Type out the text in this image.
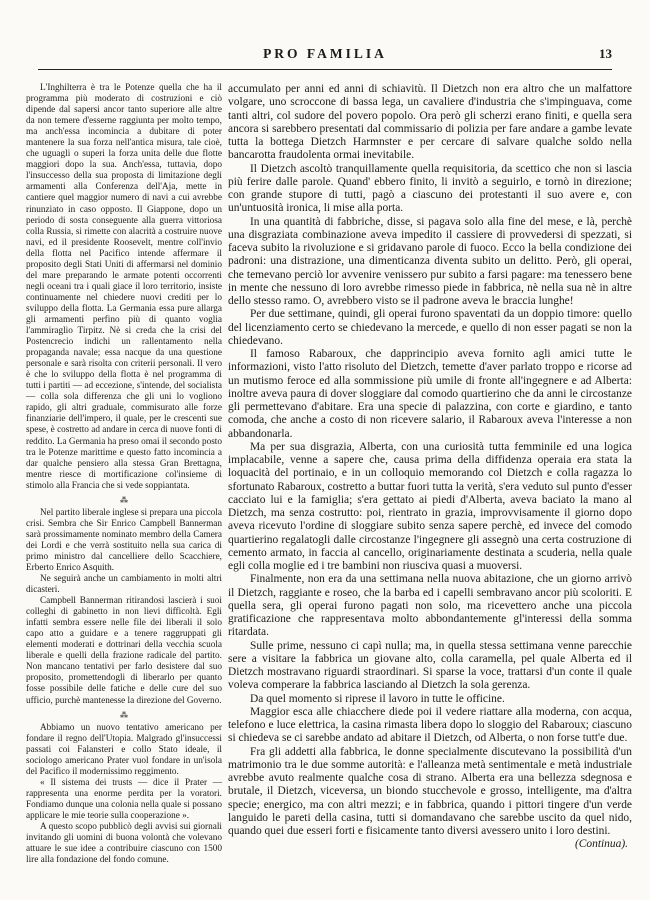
PRO FAMILIA	13

L'Inghilterra è tra le Potenze quella che ha il programma più moderato di costruzioni e ciò dipende dal sapersi ancor tanto superiore alle altre da non temere d'esserne raggiunta per molto tempo, ma anch'essa incomincia a dubitare di poter mantenere la sua forza nell'antica misura, tale cioè, che uguagli o superi la forza unita delle due flotte maggiori dopo la sua. Anch'essa, tuttavia, dopo l'insuccesso della sua proposta di limitazione degli armamenti alla Conferenza dell'Aja, mette in cantiere quel maggior numero di navi a cui avrebbe rinunziato in caso opposto. Il Giappone, dopo un periodo di sosta conseguente alla guerra vittoriosa colla Russia, si rimette con alacrità a costruire nuove navi, ed il presidente Roosevelt, mentre coll'invio della flotta nel Pacifico intende affermare il proposito degli Stati Uniti di affermarsi nel dominio del mare preparando le armate potenti occorrenti negli oceani tra i quali giace il loro territorio, insiste continuamente nel chiedere nuovi crediti per lo sviluppo della flotta. La Germania essa pure allarga gli armamenti perfino più di quanto voglia l'ammiraglio Tirpitz. Nè si creda che la crisi del Postencrecio indichi un rallentamento nella propaganda navale; essa nacque da una questione personale e sarà risolta con criterii personali. Il vero è che lo sviluppo della flotta è nel programma di tutti i partiti — ad eccezione, s'intende, del socialista — colla sola differenza che gli uni lo vogliono rapido, gli altri graduale, commisurato alle forze finanziarie dell'impero, il quale, per le crescenti sue spese, è costretto ad andare in cerca di nuove fonti di reddito. La Germania ha preso omai il secondo posto tra le Potenze marittime e questo fatto incomincia a dar qualche pensiero alla stessa Gran Brettagna, mentre riesce di mortificazione col'insieme di stimolo alla Francia che si vede soppiantata.

⁂

Nel partito liberale inglese si prepara una piccola crisi. Sembra che Sir Enrico Campbell Bannerman sarà prossimamente nominato membro della Camera dei Lordi e che verrà sostituito nella sua carica di primo ministro dal cancelliere dello Scacchiere, Erberto Enrico Asquith.

Ne seguirà anche un cambiamento in molti altri dicasteri.

Campbell Bannerman ritirandosi lascierà i suoi colleghi di gabinetto in non lievi difficoltà. Egli infatti sembra essere nelle file dei liberali il solo capo atto a guidare e a tenere raggruppati gli elementi moderati e dottrinari della vecchia scuola liberale e quelli della frazione radicale del partito. Non mancano tentativi per farlo desistere dal suo proposito, promettendogli di liberarlo per quanto fosse possibile delle fatiche e delle cure del suo ufficio, purchè mantenesse la direzione del Governo.

⁂

Abbiamo un nuovo tentativo americano per fondare il regno dell'Utopia. Malgrado gl'insuccessi passati coi Falansteri e collo Stato ideale, il sociologo americano Prater vuol fondare in un'isola del Pacifico il modernissimo reggimento.

« Il sistema dei trusts — dice il Prater — rappresenta una enorme perdita per la voratori. Fondiamo dunque una colonia nella quale si possano applicare le mie teorie sulla cooperazione ».

A questo scopo pubblicò degli avvisi sui giornali invitando gli uomini di buona volontà che volevano attuare le sue idee a contribuire ciascuno con 1500 lire alla fondazione del fondo comune.

accumulato per anni ed anni di schiavitù. Il Dietzch non era altro che un malfattore volgare, uno scroccone di bassa lega, un cavaliere d'industria che s'impinguava, come tanti altri, col sudore del povero popolo. Ora però gli scherzi erano finiti, e quella sera ancora si sarebbero presentati dal commissario di polizia per fare andare a gambe levate tutta la bottega Dietzch Harmnster e per cercare di salvare qualche soldo nella bancarotta fraudolenta ormai inevitabile.

Il Dietzch ascoltò tranquillamente quella requisitoria, da scettico che non si lascia più ferire dalle parole. Quand' ebbero finito, li invitò a seguirlo, e tornò in direzione; con grande stupore di tutti, pagò a ciascuno dei protestanti il suo avere e, con un'untuosità ironica, li mise alla porta.

In una quantità di fabbriche, disse, si pagava solo alla fine del mese, e là, perchè una disgraziata combinazione aveva impedito il cassiere di provvedersi di spezzati, si faceva subito la rivoluzione e si gridavano parole di fuoco. Ecco la bella condizione dei padroni: una distrazione, una dimenticanza diventa subito un delitto. Però, gli operai, che temevano perciò lor avvenire venissero pur subito a farsi pagare: ma tenessero bene in mente che nessuno di loro avrebbe rimesso piede in fabbrica, nè nella sua nè in altre dello stesso ramo. O, avrebbero visto se il padrone aveva le braccia lunghe!

Per due settimane, quindi, gli operai furono spaventati da un doppio timore: quello del licenziamento certo se chiedevano la mercede, e quello di non esser pagati se non la chiedevano.

Il famoso Rabaroux, che dapprincipio aveva fornito agli amici tutte le informazioni, visto l'atto risoluto del Dietzch, temette d'aver parlato troppo e ricorse ad un mutismo feroce ed alla sommissione più umile di fronte all'ingegnere e ad Alberta: inoltre aveva paura di dover sloggiare dal comodo quartierino che da anni le circostanze gli permettevano d'abitare. Era una specie di palazzina, con corte e giardino, e tanto comoda, che anche a costo di non ricevere salario, il Rabaroux aveva l'interesse a non abbandonarla.

Ma per sua disgrazia, Alberta, con una curiosità tutta femminile ed una logica implacabile, venne a sapere che, causa prima della diffidenza operaia era stata la loquacità del portinaio, e in un colloquio memorando col Dietzch e colla ragazza lo sfortunato Rabaroux, costretto a buttar fuori tutta la verità, s'era veduto sul punto d'esser cacciato lui e la famiglia; s'era gettato ai piedi d'Alberta, aveva baciato la mano al Dietzch, ma senza costrutto: poi, rientrato in grazia, improvvisamente il giorno dopo aveva ricevuto l'ordine di sloggiare subito senza sapere perchè, ed invece del comodo quartierino regalatogli dalle circostanze l'ingegnere gli assegnò una certa costruzione di cemento armato, in faccia al cancello, originariamente destinata a scuderia, nella quale egli colla moglie ed i tre bambini non riusciva quasi a muoversi.

Finalmente, non era da una settimana nella nuova abitazione, che un giorno arrivò il Dietzch, raggiante e roseo, che la barba ed i capelli sembravano ancor più scoloriti. E quella sera, gli operai furono pagati non solo, ma ricevettero anche una piccola gratificazione che rappresentava molto abbondantemente gl'interessi della somma ritardata.

Sulle prime, nessuno ci capì nulla; ma, in quella stessa settimana venne parecchie sere a visitare la fabbrica un giovane alto, colla caramella, pel quale Alberta ed il Dietzch mostravano riguardi straordinari. Si sparse la voce, trattarsi d'un conte il quale voleva comperare la fabbrica lasciando al Dietzch la sola gerenza.

Da quel momento si riprese il lavoro in tutte le officine.

Maggior esca alle chiacchere diede poi il vedere riattare alla moderna, con acqua, telefono e luce elettrica, la casina rimasta libera dopo lo sloggio del Rabaroux; ciascuno si chiedeva se ci sarebbe andato ad abitare il Dietzch, od Alberta, o non forse tutt'e due.

Fra gli addetti alla fabbrica, le donne specialmente discutevano la possibilità d'un matrimonio tra le due somme autorità: e l'alleanza metà sentimentale e metà industriale avrebbe avuto realmente qualche cosa di strano. Alberta era una bellezza sdegnosa e brutale, il Dietzch, viceversa, un biondo stucchevole e grosso, intelligente, ma d'altra specie; energico, ma con altri mezzi; e in fabbrica, quando i pittori tingere d'un verde languido le pareti della casina, tutti si domandavano che sarebbe uscito da quel nido, quando quei due esseri forti e fisicamente tanto diversi avessero unito i loro destini.

(Continua).
